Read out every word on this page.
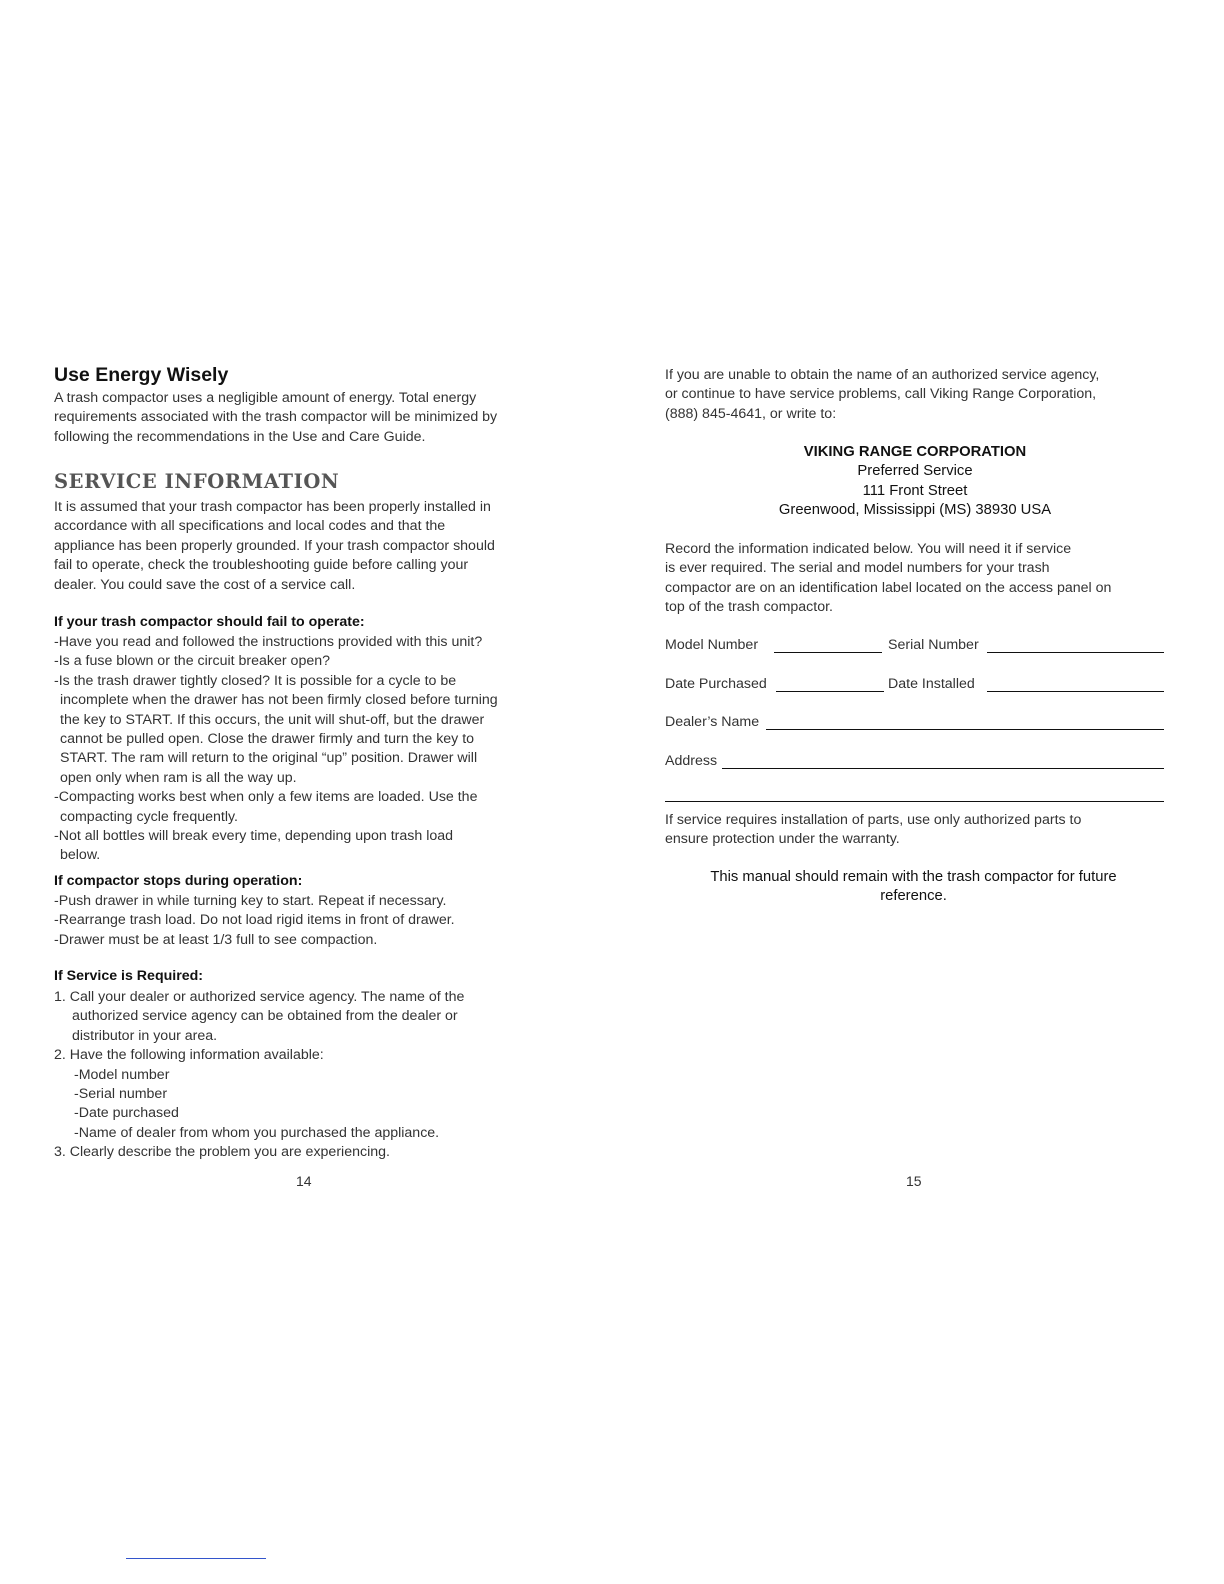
Use Energy Wisely
A trash compactor uses a negligible amount of energy. Total energy
requirements associated with the trash compactor will be minimized by
following the recommendations in the Use and Care Guide.
SERVICE INFORMATION
It is assumed that your trash compactor has been properly installed in
accordance with all specifications and local codes and that the
appliance has been properly grounded. If your trash compactor should
fail to operate, check the troubleshooting guide before calling your
dealer. You could save the cost of a service call.
If your trash compactor should fail to operate:
-Have you read and followed the instructions provided with this unit?
-Is a fuse blown or the circuit breaker open?
-Is the trash drawer tightly closed? It is possible for a cycle to be
incomplete when the drawer has not been firmly closed before turning
the key to START. If this occurs, the unit will shut-off, but the drawer
cannot be pulled open. Close the drawer firmly and turn the key to
START. The ram will return to the original “up” position. Drawer will
open only when ram is all the way up.
-Compacting works best when only a few items are loaded. Use the
compacting cycle frequently.
-Not all bottles will break every time, depending upon trash load
below.
If compactor stops during operation:
-Push drawer in while turning key to start. Repeat if necessary.
-Rearrange trash load. Do not load rigid items in front of drawer.
-Drawer must be at least 1/3 full to see compaction.
If Service is Required:
1. Call your dealer or authorized service agency. The name of the
authorized service agency can be obtained from the dealer or
distributor in your area.
2. Have the following information available:
-Model number
-Serial number
-Date purchased
-Name of dealer from whom you purchased the appliance.
3. Clearly describe the problem you are experiencing.
14
If you are unable to obtain the name of an authorized service agency,
or continue to have service problems, call Viking Range Corporation,
(888) 845-4641, or write to:
VIKING RANGE CORPORATION
Preferred Service
111 Front Street
Greenwood, Mississippi (MS) 38930 USA
Record the information indicated below. You will need it if service
is ever required. The serial and model numbers for your trash
compactor are on an identification label located on the access panel on
top of the trash compactor.
Model Number	Serial Number
Date Purchased	Date Installed
Dealer’s Name
Address
If service requires installation of parts, use only authorized parts to
ensure protection under the warranty.
This manual should remain with the trash compactor for future
reference.
15
